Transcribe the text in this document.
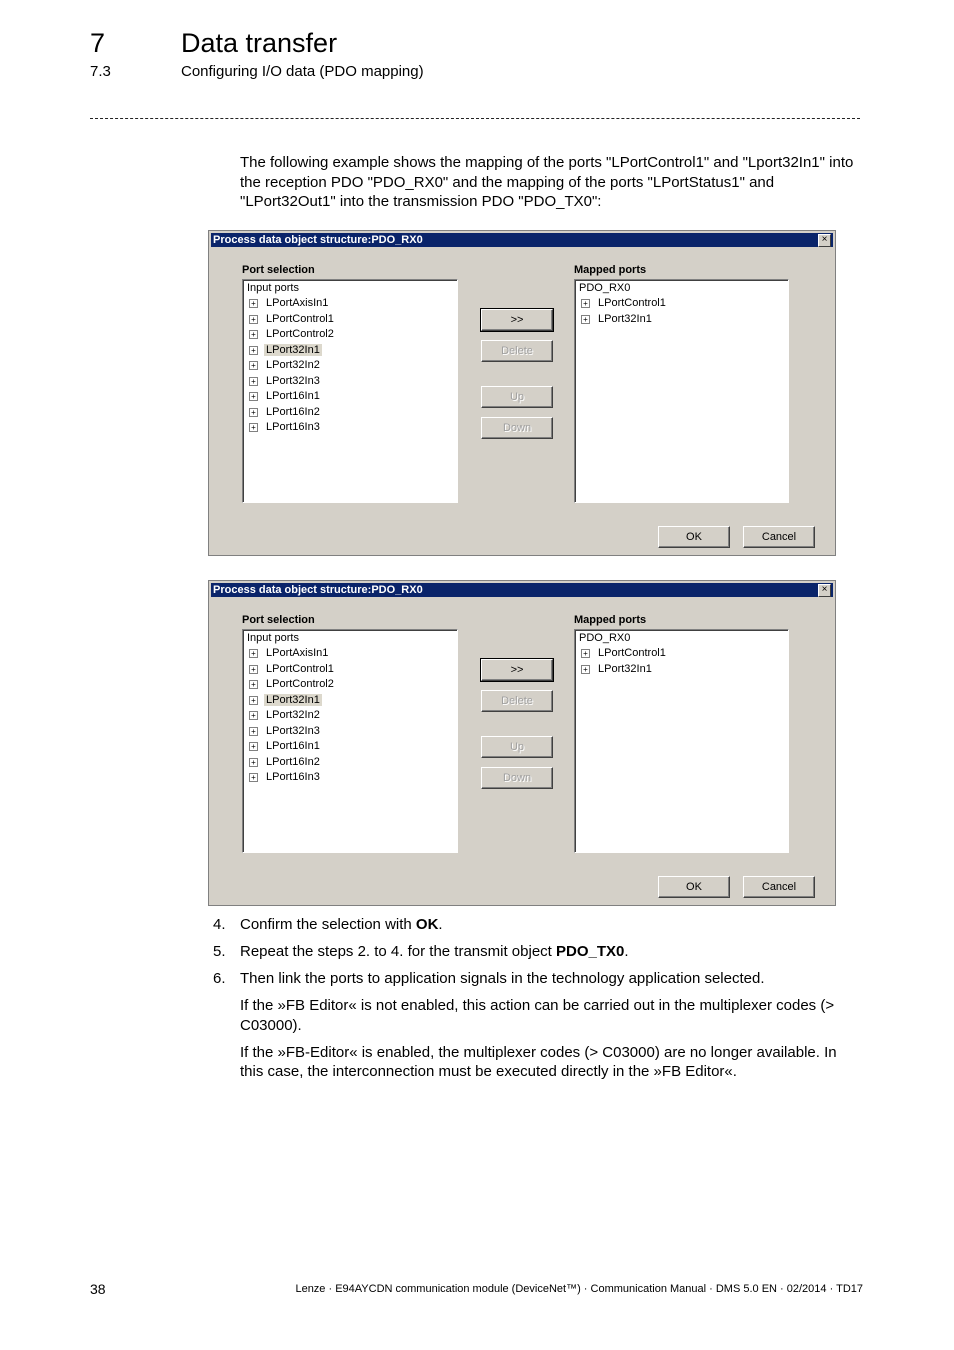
7	Data transfer
7.3	Configuring I/O data (PDO mapping)
The following example shows the mapping of the ports "LPortControl1" and "Lport32In1" into the reception PDO "PDO_RX0" and the mapping of the ports "LPortStatus1" and "LPort32Out1" into the transmission PDO "PDO_TX0":
Process data object structure:PDO_RX0	×
Port selection	Mapped ports
Input ports
+ LPortAxisIn1
+ LPortControl1
+ LPortControl2
+ LPort32In1
+ LPort32In2
+ LPort32In3
+ LPort16In1
+ LPort16In2
+ LPort16In3
>>
Delete
Up
Down
PDO_RX0
+ LPortControl1
+ LPort32In1
OK	Cancel
Process data object structure:PDO_RX0	×
Port selection	Mapped ports
Input ports
+ LPortAxisIn1
+ LPortControl1
+ LPortControl2
+ LPort32In1
+ LPort32In2
+ LPort32In3
+ LPort16In1
+ LPort16In2
+ LPort16In3
>>
Delete
Up
Down
PDO_RX0
+ LPortControl1
+ LPort32In1
OK	Cancel
4. Confirm the selection with OK.
5. Repeat the steps 2. to 4. for the transmit object PDO_TX0.
6. Then link the ports to application signals in the technology application selected.
If the »FB Editor« is not enabled, this action can be carried out in the multiplexer codes (> C03000).
If the »FB-Editor« is enabled, the multiplexer codes (> C03000) are no longer available. In this case, the interconnection must be executed directly in the »FB Editor«.
38	Lenze · E94AYCDN communication module (DeviceNet™) · Communication Manual · DMS 5.0 EN · 02/2014 · TD17
